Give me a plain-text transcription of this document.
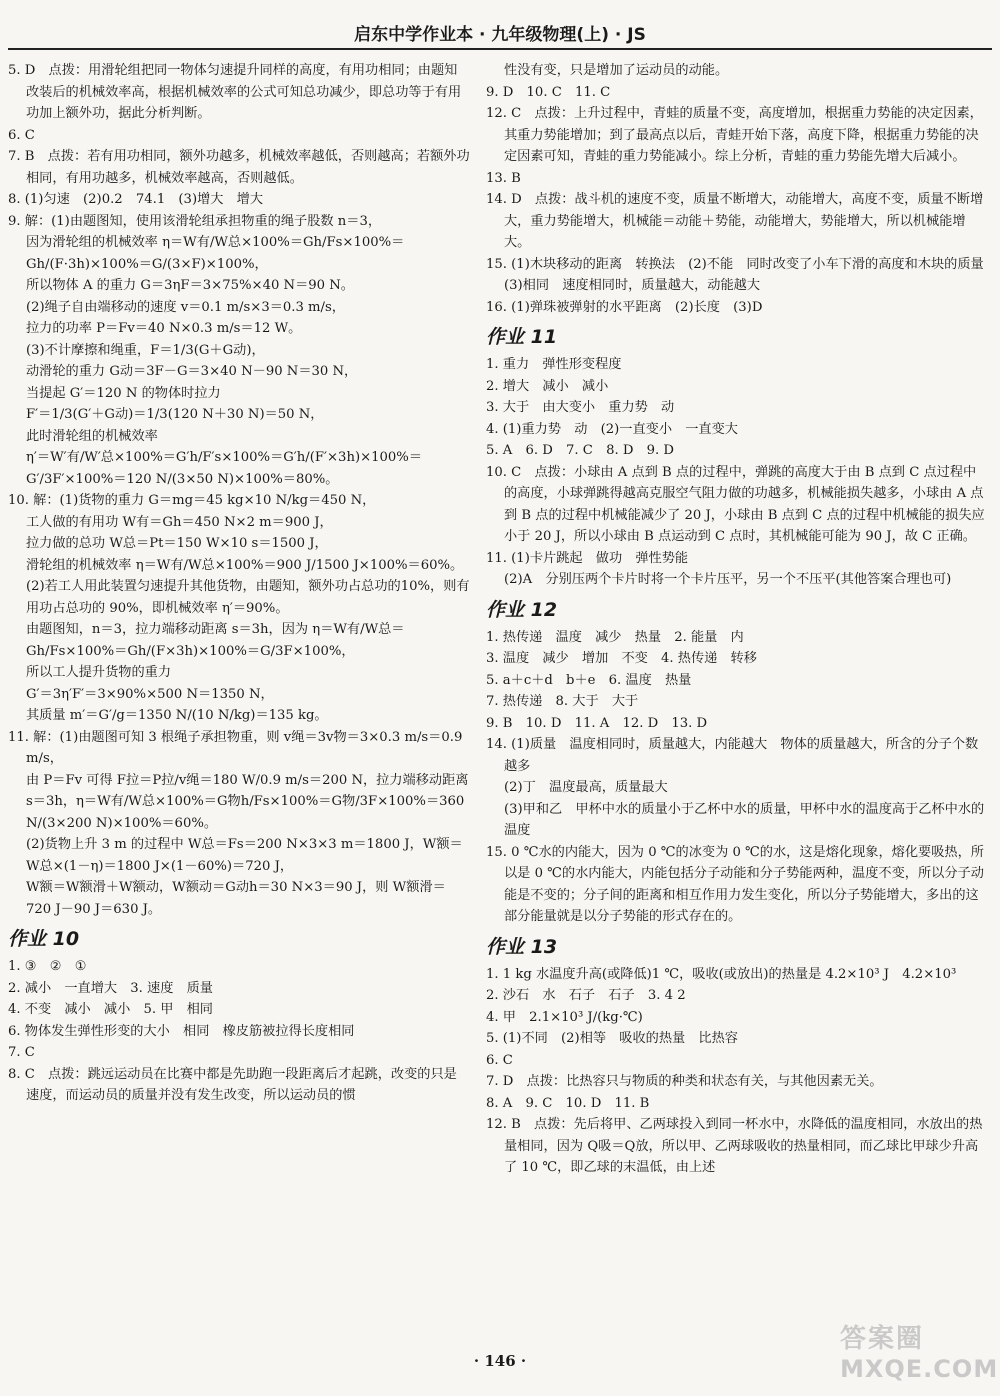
启东中学作业本 · 九年级物理(上) · JS

5. D　点拨：用滑轮组把同一物体匀速提升同样的高度，有用功相同；由题知改装后的机械效率高，根据机械效率的公式可知总功减少，即总功等于有用功加上额外功，据此分析判断。

6. C

7. B　点拨：若有用功相同，额外功越多，机械效率越低，否则越高；若额外功相同，有用功越多，机械效率越高，否则越低。

8. (1)匀速　(2)0.2　74.1　(3)增大　增大

9. 解：(1)由题图知，使用该滑轮组承担物重的绳子股数 n＝3，

因为滑轮组的机械效率 η＝W有/W总×100%＝Gh/Fs×100%＝Gh/(F·3h)×100%＝G/(3×F)×100%，

所以物体 A 的重力 G＝3ηF＝3×75%×40 N＝90 N。

(2)绳子自由端移动的速度 v＝0.1 m/s×3＝0.3 m/s，

拉力的功率 P＝Fv＝40 N×0.3 m/s＝12 W。

(3)不计摩擦和绳重，F＝1/3(G＋G动)，

动滑轮的重力 G动＝3F－G＝3×40 N－90 N＝30 N，

当提起 G′＝120 N 的物体时拉力

F′＝1/3(G′＋G动)＝1/3(120 N＋30 N)＝50 N，

此时滑轮组的机械效率

η′＝W′有/W′总×100%＝G′h/F′s×100%＝G′h/(F′×3h)×100%＝G′/3F′×100%＝120 N/(3×50 N)×100%＝80%。

10. 解：(1)货物的重力 G＝mg＝45 kg×10 N/kg＝450 N，

工人做的有用功 W有＝Gh＝450 N×2 m＝900 J，

拉力做的总功 W总＝Pt＝150 W×10 s＝1500 J，

滑轮组的机械效率 η＝W有/W总×100%＝900 J/1500 J×100%＝60%。

(2)若工人用此装置匀速提升其他货物，由题知，额外功占总功的10%，则有用功占总功的 90%，即机械效率 η′＝90%。

由题图知，n＝3，拉力端移动距离 s＝3h，因为 η＝W有/W总＝Gh/Fs×100%＝Gh/(F×3h)×100%＝G/3F×100%，

所以工人提升货物的重力

G′＝3η′F′＝3×90%×500 N＝1350 N，

其质量 m′＝G′/g＝1350 N/(10 N/kg)＝135 kg。

11. 解：(1)由题图可知 3 根绳子承担物重，则 v绳＝3v物＝3×0.3 m/s＝0.9 m/s，

由 P＝Fv 可得 F拉＝P拉/v绳＝180 W/0.9 m/s＝200 N，拉力端移动距离 s＝3h，η＝W有/W总×100%＝G物h/Fs×100%＝G物/3F×100%＝360 N/(3×200 N)×100%＝60%。

(2)货物上升 3 m 的过程中 W总＝Fs＝200 N×3×3 m＝1800 J，W额＝W总×(1－η)＝1800 J×(1－60%)＝720 J，

W额＝W额滑＋W额动，W额动＝G动h＝30 N×3＝90 J，则 W额滑＝720 J－90 J＝630 J。

作业 10

1. ③　②　①

2. 减小　一直增大　3. 速度　质量

4. 不变　减小　减小　5. 甲　相同

6. 物体发生弹性形变的大小　相同　橡皮筋被拉得长度相同

7. C

8. C　点拨：跳远运动员在比赛中都是先助跑一段距离后才起跳，改变的只是速度，而运动员的质量并没有发生改变，所以运动员的惯

性没有变，只是增加了运动员的动能。

9. D　10. C　11. C

12. C　点拨：上升过程中，青蛙的质量不变，高度增加，根据重力势能的决定因素，其重力势能增加；到了最高点以后，青蛙开始下落，高度下降，根据重力势能的决定因素可知，青蛙的重力势能减小。综上分析，青蛙的重力势能先增大后减小。

13. B

14. D　点拨：战斗机的速度不变，质量不断增大，动能增大，高度不变，质量不断增大，重力势能增大，机械能＝动能＋势能，动能增大，势能增大，所以机械能增大。

15. (1)木块移动的距离　转换法　(2)不能　同时改变了小车下滑的高度和木块的质量　(3)相同　速度相同时，质量越大，动能越大

16. (1)弹珠被弹射的水平距离　(2)长度　(3)D

作业 11

1. 重力　弹性形变程度

2. 增大　减小　减小

3. 大于　由大变小　重力势　动

4. (1)重力势　动　(2)一直变小　一直变大

5. A　6. D　7. C　8. D　9. D

10. C　点拨：小球由 A 点到 B 点的过程中，弹跳的高度大于由 B 点到 C 点过程中的高度，小球弹跳得越高克服空气阻力做的功越多，机械能损失越多，小球由 A 点到 B 点的过程中机械能减少了 20 J，小球由 B 点到 C 点的过程中机械能的损失应小于 20 J，所以小球由 B 点运动到 C 点时，其机械能可能为 90 J，故 C 正确。

11. (1)卡片跳起　做功　弹性势能

(2)A　分别压两个卡片时将一个卡片压平，另一个不压平(其他答案合理也可)

作业 12

1. 热传递　温度　减少　热量　2. 能量　内

3. 温度　减少　增加　不变　4. 热传递　转移

5. a＋c＋d　b＋e　6. 温度　热量

7. 热传递　8. 大于　大于

9. B　10. D　11. A　12. D　13. D

14. (1)质量　温度相同时，质量越大，内能越大　物体的质量越大，所含的分子个数越多

(2)丁　温度最高，质量最大

(3)甲和乙　甲杯中水的质量小于乙杯中水的质量，甲杯中水的温度高于乙杯中水的温度

15. 0 ℃水的内能大，因为 0 ℃的冰变为 0 ℃的水，这是熔化现象，熔化要吸热，所以是 0 ℃的水内能大，内能包括分子动能和分子势能两种，温度不变，所以分子动能是不变的；分子间的距离和相互作用力发生变化，所以分子势能增大，多出的这部分能量就是以分子势能的形式存在的。

作业 13

1. 1 kg 水温度升高(或降低)1 ℃，吸收(或放出)的热量是 4.2×10³ J　4.2×10³

2. 沙石　水　石子　石子　3. 4 2

4. 甲　2.1×10³ J/(kg·℃)

5. (1)不同　(2)相等　吸收的热量　比热容

6. C

7. D　点拨：比热容只与物质的种类和状态有关，与其他因素无关。

8. A　9. C　10. D　11. B

12. B　点拨：先后将甲、乙两球投入到同一杯水中，水降低的温度相同，水放出的热量相同，因为 Q吸＝Q放，所以甲、乙两球吸收的热量相同，而乙球比甲球少升高了 10 ℃，即乙球的末温低，由上述

· 146 ·
答案圈
MXQE.COM
